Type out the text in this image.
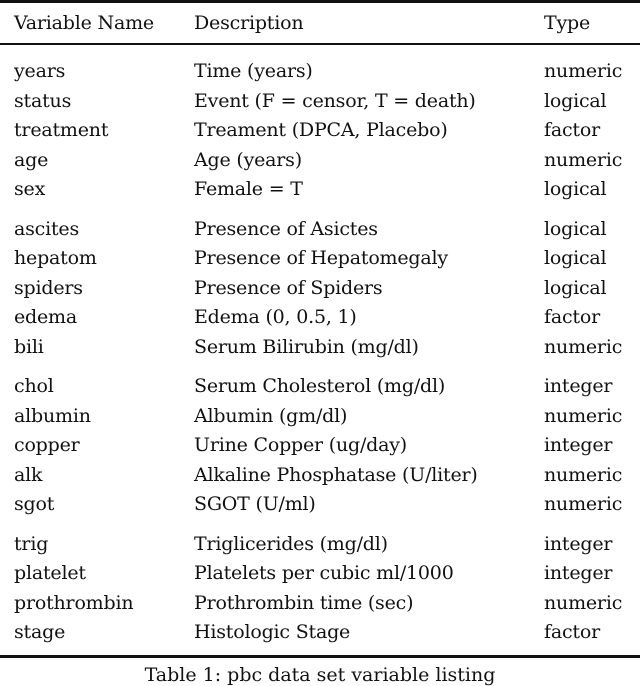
Variable Name	Description	Type
years	Time (years)	numeric
status	Event (F = censor, T = death)	logical
treatment	Treament (DPCA, Placebo)	factor
age	Age (years)	numeric
sex	Female = T	logical
ascites	Presence of Asictes	logical
hepatom	Presence of Hepatomegaly	logical
spiders	Presence of Spiders	logical
edema	Edema (0, 0.5, 1)	factor
bili	Serum Bilirubin (mg/dl)	numeric
chol	Serum Cholesterol (mg/dl)	integer
albumin	Albumin (gm/dl)	numeric
copper	Urine Copper (ug/day)	integer
alk	Alkaline Phosphatase (U/liter)	numeric
sgot	SGOT (U/ml)	numeric
trig	Triglicerides (mg/dl)	integer
platelet	Platelets per cubic ml/1000	integer
prothrombin	Prothrombin time (sec)	numeric
stage	Histologic Stage	factor
Table 1: pbc data set variable listing
